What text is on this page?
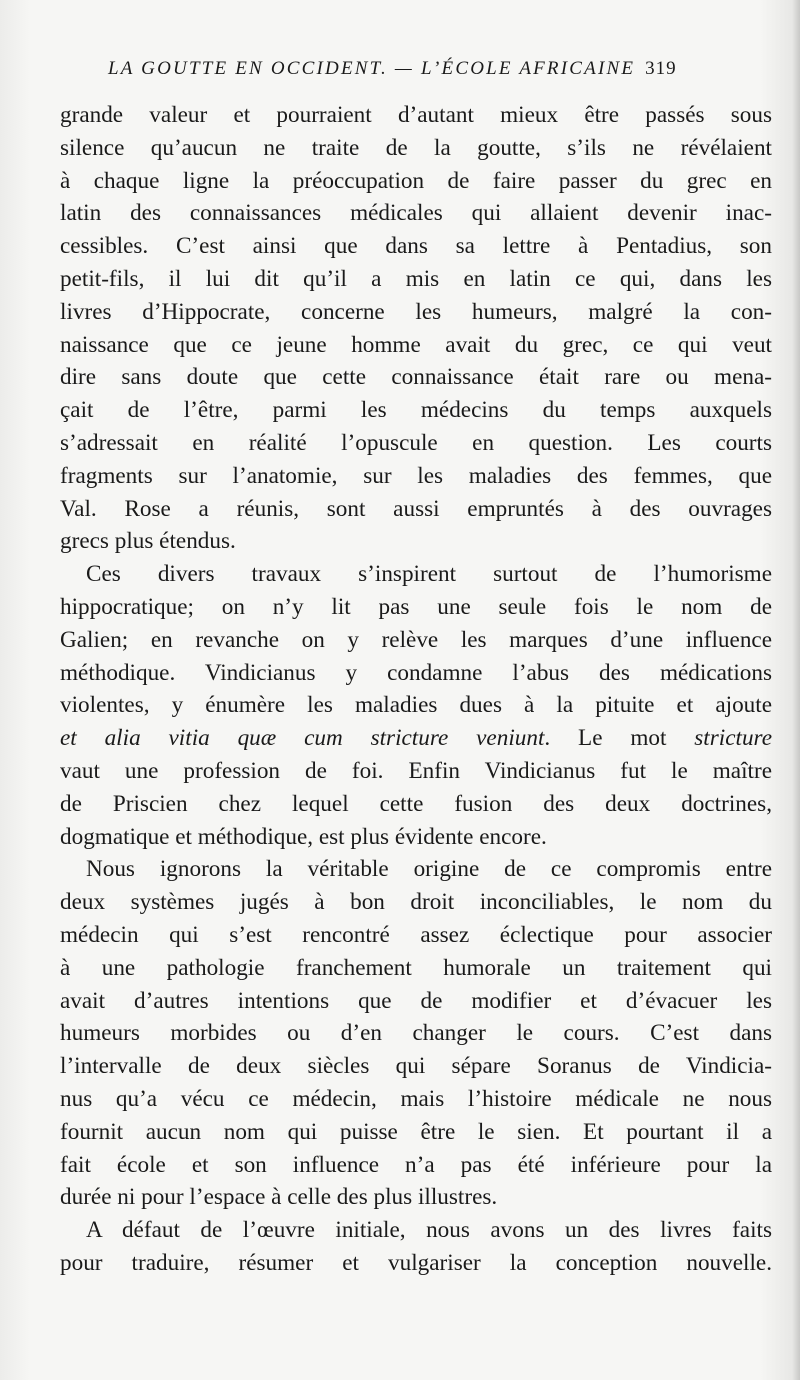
LA GOUTTE EN OCCIDENT. — L’ÉCOLE AFRICAINE 319
grande valeur et pourraient d’autant mieux être passés sous
silence qu’aucun ne traite de la goutte, s’ils ne révélaient
à chaque ligne la préoccupation de faire passer du grec en
latin des connaissances médicales qui allaient devenir inac-
cessibles. C’est ainsi que dans sa lettre à Pentadius, son
petit-fils, il lui dit qu’il a mis en latin ce qui, dans les
livres d’Hippocrate, concerne les humeurs, malgré la con-
naissance que ce jeune homme avait du grec, ce qui veut
dire sans doute que cette connaissance était rare ou mena-
çait de l’être, parmi les médecins du temps auxquels
s’adressait en réalité l’opuscule en question. Les courts
fragments sur l’anatomie, sur les maladies des femmes, que
Val. Rose a réunis, sont aussi empruntés à des ouvrages
grecs plus étendus.
Ces divers travaux s’inspirent surtout de l’humorisme
hippocratique; on n’y lit pas une seule fois le nom de
Galien; en revanche on y relève les marques d’une influence
méthodique. Vindicianus y condamne l’abus des médications
violentes, y énumère les maladies dues à la pituite et ajoute
et alia vitia quæ cum stricture veniunt. Le mot stricture
vaut une profession de foi. Enfin Vindicianus fut le maître
de Priscien chez lequel cette fusion des deux doctrines,
dogmatique et méthodique, est plus évidente encore.
Nous ignorons la véritable origine de ce compromis entre
deux systèmes jugés à bon droit inconciliables, le nom du
médecin qui s’est rencontré assez éclectique pour associer
à une pathologie franchement humorale un traitement qui
avait d’autres intentions que de modifier et d’évacuer les
humeurs morbides ou d’en changer le cours. C’est dans
l’intervalle de deux siècles qui sépare Soranus de Vindicia-
nus qu’a vécu ce médecin, mais l’histoire médicale ne nous
fournit aucun nom qui puisse être le sien. Et pourtant il a
fait école et son influence n’a pas été inférieure pour la
durée ni pour l’espace à celle des plus illustres.
A défaut de l’œuvre initiale, nous avons un des livres faits
pour traduire, résumer et vulgariser la conception nouvelle.
